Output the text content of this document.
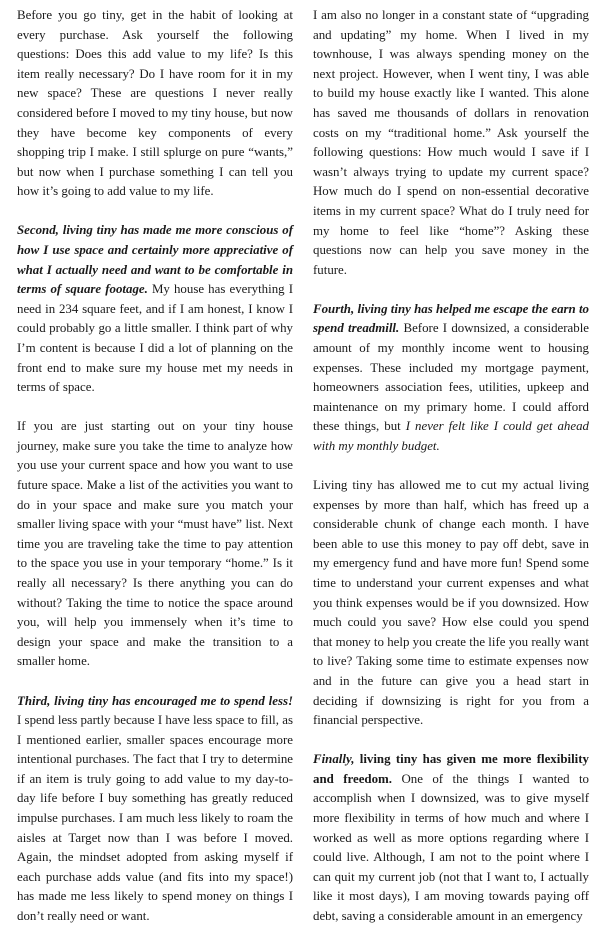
Before you go tiny, get in the habit of looking at every purchase. Ask yourself the following questions: Does this add value to my life? Is this item really necessary? Do I have room for it in my new space? These are questions I never really considered before I moved to my tiny house, but now they have become key components of every shopping trip I make. I still splurge on pure “wants,” but now when I purchase something I can tell you how it’s going to add value to my life.

Second, living tiny has made me more conscious of how I use space and certainly more appreciative of what I actually need and want to be comfortable in terms of square footage. My house has everything I need in 234 square feet, and if I am honest, I know I could probably go a little smaller. I think part of why I’m content is because I did a lot of planning on the front end to make sure my house met my needs in terms of space.

If you are just starting out on your tiny house journey, make sure you take the time to analyze how you use your current space and how you want to use future space. Make a list of the activities you want to do in your space and make sure you match your smaller living space with your “must have” list. Next time you are traveling take the time to pay attention to the space you use in your temporary “home.” Is it really all necessary? Is there anything you can do without? Taking the time to notice the space around you, will help you immensely when it’s time to design your space and make the transition to a smaller home.

Third, living tiny has encouraged me to spend less! I spend less partly because I have less space to fill, as I mentioned earlier, smaller spaces encourage more intentional purchases. The fact that I try to determine if an item is truly going to add value to my day-to-day life before I buy something has greatly reduced impulse purchases. I am much less likely to roam the aisles at Target now than I was before I moved. Again, the mindset adopted from asking myself if each purchase adds value (and fits into my space!) has made me less likely to spend money on things I don’t really need or want.

I am also no longer in a constant state of “upgrading and updating” my home. When I lived in my townhouse, I was always spending money on the next project. However, when I went tiny, I was able to build my house exactly like I wanted. This alone has saved me thousands of dollars in renovation costs on my “traditional home.” Ask yourself the following questions: How much would I save if I wasn’t always trying to update my current space? How much do I spend on non-essential decorative items in my current space? What do I truly need for my home to feel like “home”? Asking these questions now can help you save money in the future.

Fourth, living tiny has helped me escape the earn to spend treadmill. Before I downsized, a considerable amount of my monthly income went to housing expenses. These included my mortgage payment, homeowners association fees, utilities, upkeep and maintenance on my primary home. I could afford these things, but I never felt like I could get ahead with my monthly budget.

Living tiny has allowed me to cut my actual living expenses by more than half, which has freed up a considerable chunk of change each month. I have been able to use this money to pay off debt, save in my emergency fund and have more fun! Spend some time to understand your current expenses and what you think expenses would be if you downsized. How much could you save? How else could you spend that money to help you create the life you really want to live? Taking some time to estimate expenses now and in the future can give you a head start in deciding if downsizing is right for you from a financial perspective.

Finally, living tiny has given me more flexibility and freedom. One of the things I wanted to accomplish when I downsized, was to give myself more flexibility in terms of how much and where I worked as well as more options regarding where I could live. Although, I am not to the point where I can quit my current job (not that I want to, I actually like it most days), I am moving towards paying off debt, saving a considerable amount in an emergency
